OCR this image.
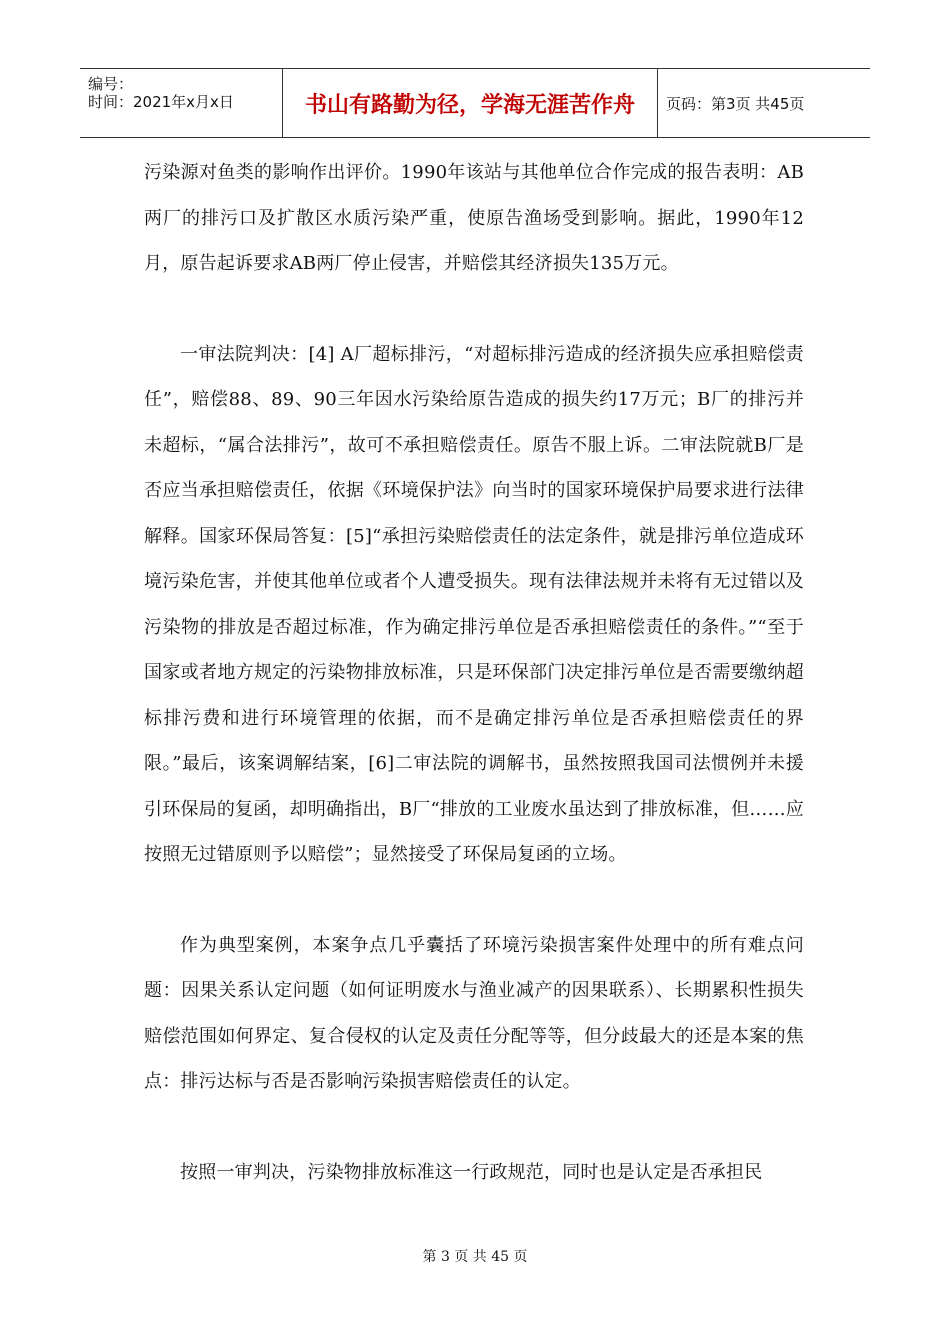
编号：
时间：2021年x月x日	书山有路勤为径，学海无涯苦作舟	页码：第3页 共45页

污染源对鱼类的影响作出评价。1990年该站与其他单位合作完成的报告表明：AB两厂的排污口及扩散区水质污染严重，使原告渔场受到影响。据此，1990年12月，原告起诉要求AB两厂停止侵害，并赔偿其经济损失135万元。

一审法院判决：[4] A厂超标排污，“对超标排污造成的经济损失应承担赔偿责任”，赔偿88、89、90三年因水污染给原告造成的损失约17万元；B厂的排污并未超标，“属合法排污”，故可不承担赔偿责任。原告不服上诉。二审法院就B厂是否应当承担赔偿责任，依据《环境保护法》向当时的国家环境保护局要求进行法律解释。国家环保局答复：[5]“承担污染赔偿责任的法定条件，就是排污单位造成环境污染危害，并使其他单位或者个人遭受损失。现有法律法规并未将有无过错以及污染物的排放是否超过标准，作为确定排污单位是否承担赔偿责任的条件。”“至于国家或者地方规定的污染物排放标准，只是环保部门决定排污单位是否需要缴纳超标排污费和进行环境管理的依据，而不是确定排污单位是否承担赔偿责任的界限。”最后，该案调解结案，[6]二审法院的调解书，虽然按照我国司法惯例并未援引环保局的复函，却明确指出，B厂“排放的工业废水虽达到了排放标准，但……应按照无过错原则予以赔偿”；显然接受了环保局复函的立场。

作为典型案例，本案争点几乎囊括了环境污染损害案件处理中的所有难点问题：因果关系认定问题（如何证明废水与渔业减产的因果联系）、长期累积性损失赔偿范围如何界定、复合侵权的认定及责任分配等等，但分歧最大的还是本案的焦点：排污达标与否是否影响污染损害赔偿责任的认定。

按照一审判决，污染物排放标准这一行政规范，同时也是认定是否承担民

第 3 页 共 45 页
